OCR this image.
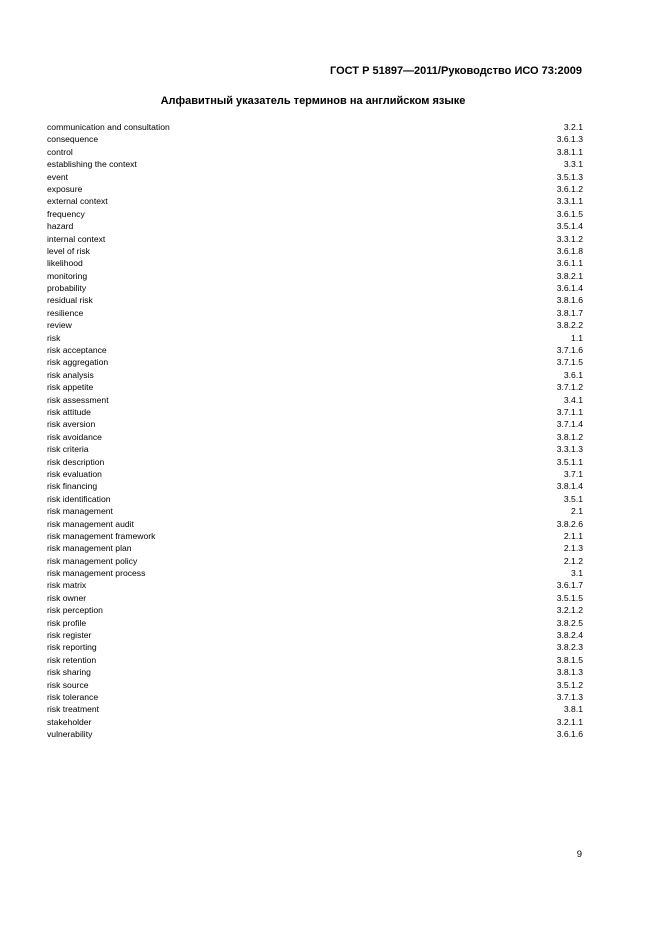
ГОСТ Р 51897—2011/Руководство ИСО 73:2009
Алфавитный указатель терминов на английском языке
communication and consultation	3.2.1
consequence	3.6.1.3
control	3.8.1.1
establishing the context	3.3.1
event	3.5.1.3
exposure	3.6.1.2
external context	3.3.1.1
frequency	3.6.1.5
hazard	3.5.1.4
internal context	3.3.1.2
level of risk	3.6.1.8
likelihood	3.6.1.1
monitoring	3.8.2.1
probability	3.6.1.4
residual risk	3.8.1.6
resilience	3.8.1.7
review	3.8.2.2
risk	1.1
risk acceptance	3.7.1.6
risk aggregation	3.7.1.5
risk analysis	3.6.1
risk appetite	3.7.1.2
risk assessment	3.4.1
risk attitude	3.7.1.1
risk aversion	3.7.1.4
risk avoidance	3.8.1.2
risk criteria	3.3.1.3
risk description	3.5.1.1
risk evaluation	3.7.1
risk financing	3.8.1.4
risk identification	3.5.1
risk management	2.1
risk management audit	3.8.2.6
risk management framework	2.1.1
risk management plan	2.1.3
risk management policy	2.1.2
risk management process	3.1
risk matrix	3.6.1.7
risk owner	3.5.1.5
risk perception	3.2.1.2
risk profile	3.8.2.5
risk register	3.8.2.4
risk reporting	3.8.2.3
risk retention	3.8.1.5
risk sharing	3.8.1.3
risk source	3.5.1.2
risk tolerance	3.7.1.3
risk treatment	3.8.1
stakeholder	3.2.1.1
vulnerability	3.6.1.6
9
